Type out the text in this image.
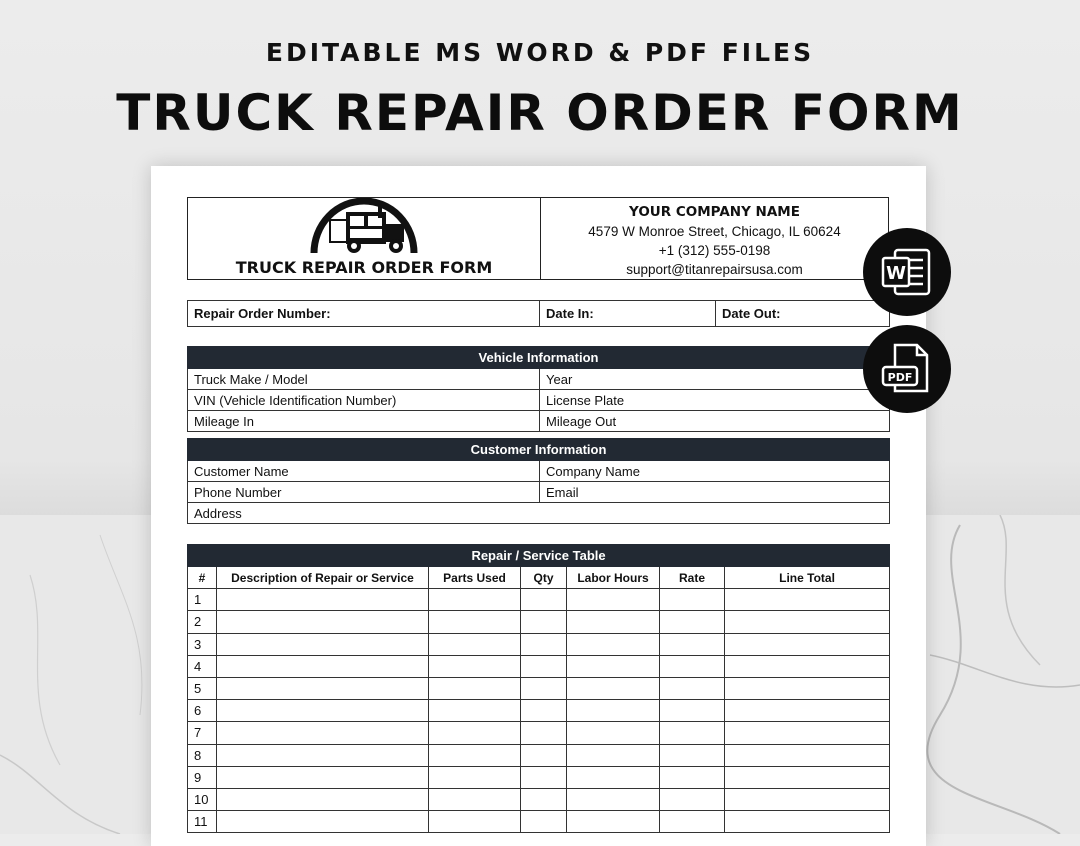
EDITABLE MS WORD & PDF FILES
TRUCK REPAIR ORDER FORM
TRUCK REPAIR ORDER FORM
YOUR COMPANY NAME
4579 W Monroe Street, Chicago, IL 60624
+1 (312) 555-0198
support@titanrepairsusa.com
Repair Order Number:	Date In:	Date Out:
Vehicle Information	
Truck Make / Model	Year
VIN (Vehicle Identification Number)	License Plate
Mileage In	Mileage Out
Customer Information	
Customer Name	Company Name
Phone Number	Email
Address	
Repair / Service Table						
#	Description of Repair or Service	Parts Used	Qty	Labor Hours	Rate	Line Total
1						
2						
3						
4						
5						
6						
7						
8						
9						
10						
11						
W
PDF
